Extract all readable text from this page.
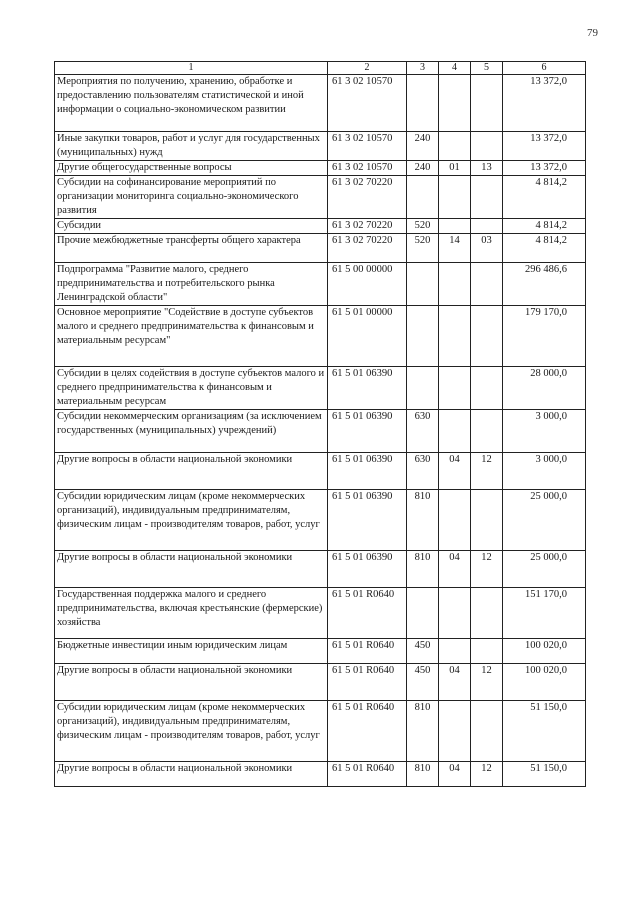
79
1	2	3	4	5	6
Мероприятия по получению, хранению, обработке и предоставлению пользователям статистической и иной информации о социально-экономическом развитии	61 3 02 10570				13 372,0
Иные закупки товаров, работ и услуг для государственных (муниципальных) нужд	61 3 02 10570	240			13 372,0
Другие общегосударственные вопросы	61 3 02 10570	240	01	13	13 372,0
Субсидии на софинансирование мероприятий по организации мониторинга социально-экономического развития	61 3 02 70220				4 814,2
Субсидии	61 3 02 70220	520			4 814,2
Прочие межбюджетные трансферты общего характера	61 3 02 70220	520	14	03	4 814,2
Подпрограмма "Развитие малого, среднего предпринимательства и потребительского рынка Ленинградской области"	61 5 00 00000				296 486,6
Основное мероприятие "Содействие в доступе субъектов малого и среднего предпринимательства к финансовым и материальным ресурсам"	61 5 01 00000				179 170,0
Субсидии в целях содействия в доступе субъектов малого и среднего предпринимательства к финансовым и материальным ресурсам	61 5 01 06390				28 000,0
Субсидии некоммерческим организациям (за исключением государственных (муниципальных) учреждений)	61 5 01 06390	630			3 000,0
Другие вопросы в области национальной экономики	61 5 01 06390	630	04	12	3 000,0
Субсидии юридическим лицам (кроме некоммерческих организаций), индивидуальным предпринимателям, физическим лицам - производителям товаров, работ, услуг	61 5 01 06390	810			25 000,0
Другие вопросы в области национальной экономики	61 5 01 06390	810	04	12	25 000,0
Государственная поддержка малого и среднего предпринимательства, включая крестьянские (фермерские) хозяйства	61 5 01 R0640				151 170,0
Бюджетные инвестиции иным юридическим лицам	61 5 01 R0640	450			100 020,0
Другие вопросы в области национальной экономики	61 5 01 R0640	450	04	12	100 020,0
Субсидии юридическим лицам (кроме некоммерческих организаций), индивидуальным предпринимателям, физическим лицам - производителям товаров, работ, услуг	61 5 01 R0640	810			51 150,0
Другие вопросы в области национальной экономики	61 5 01 R0640	810	04	12	51 150,0
